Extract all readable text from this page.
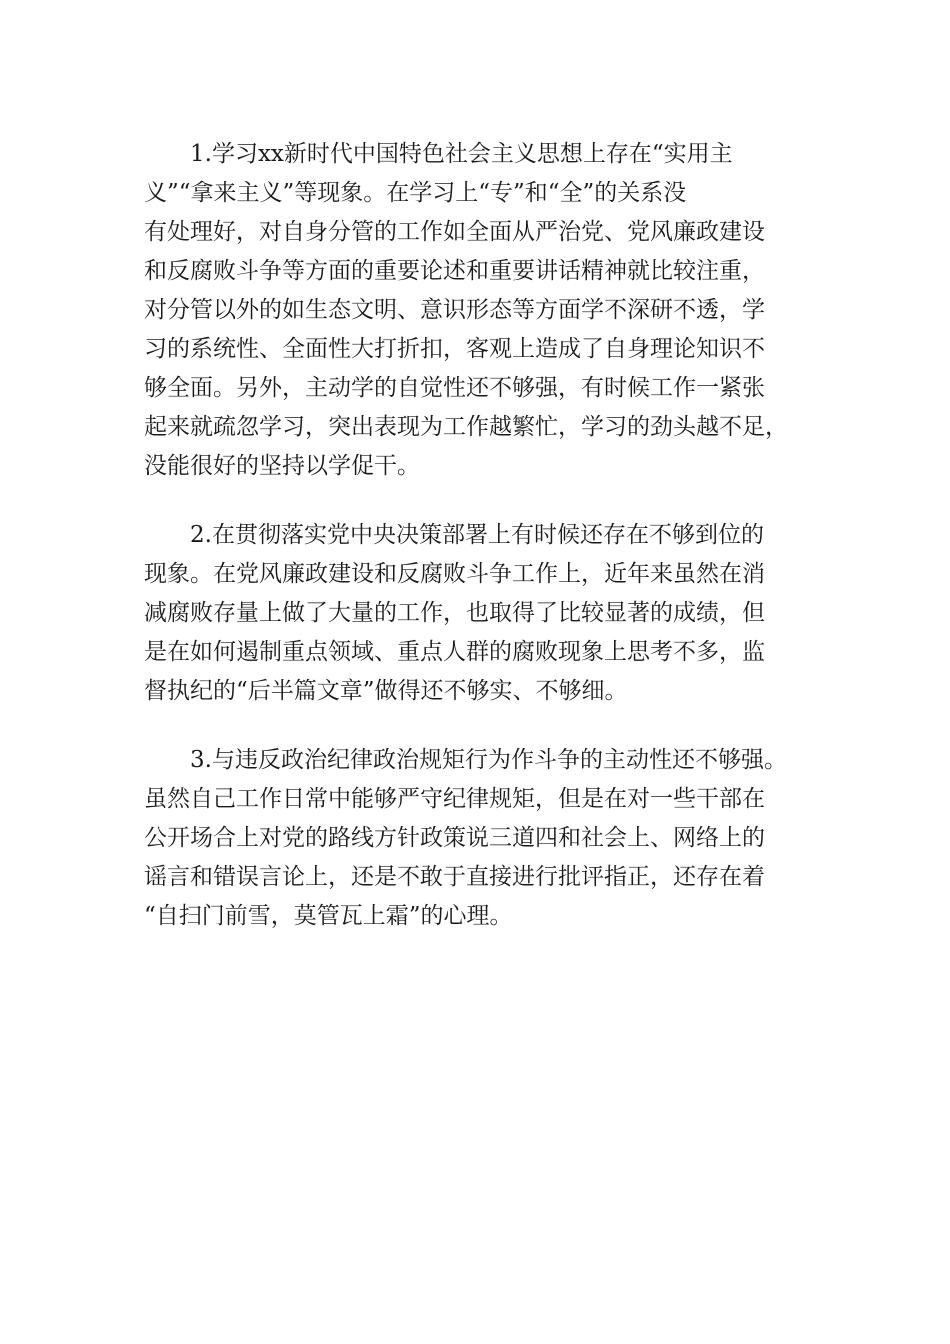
1.学习xx新时代中国特色社会主义思想上存在“实用主
义”“拿来主义”等现象。在学习上“专”和“全”的关系没
有处理好，对自身分管的工作如全面从严治党、党风廉政建设
和反腐败斗争等方面的重要论述和重要讲话精神就比较注重，
对分管以外的如生态文明、意识形态等方面学不深研不透，学
习的系统性、全面性大打折扣，客观上造成了自身理论知识不
够全面。另外，主动学的自觉性还不够强，有时候工作一紧张
起来就疏忽学习，突出表现为工作越繁忙，学习的劲头越不足，
没能很好的坚持以学促干。

2.在贯彻落实党中央决策部署上有时候还存在不够到位的
现象。在党风廉政建设和反腐败斗争工作上，近年来虽然在消
减腐败存量上做了大量的工作，也取得了比较显著的成绩，但
是在如何遏制重点领域、重点人群的腐败现象上思考不多，监
督执纪的“后半篇文章”做得还不够实、不够细。

3.与违反政治纪律政治规矩行为作斗争的主动性还不够强。
虽然自己工作日常中能够严守纪律规矩，但是在对一些干部在
公开场合上对党的路线方针政策说三道四和社会上、网络上的
谣言和错误言论上，还是不敢于直接进行批评指正，还存在着
“自扫门前雪，莫管瓦上霜”的心理。
